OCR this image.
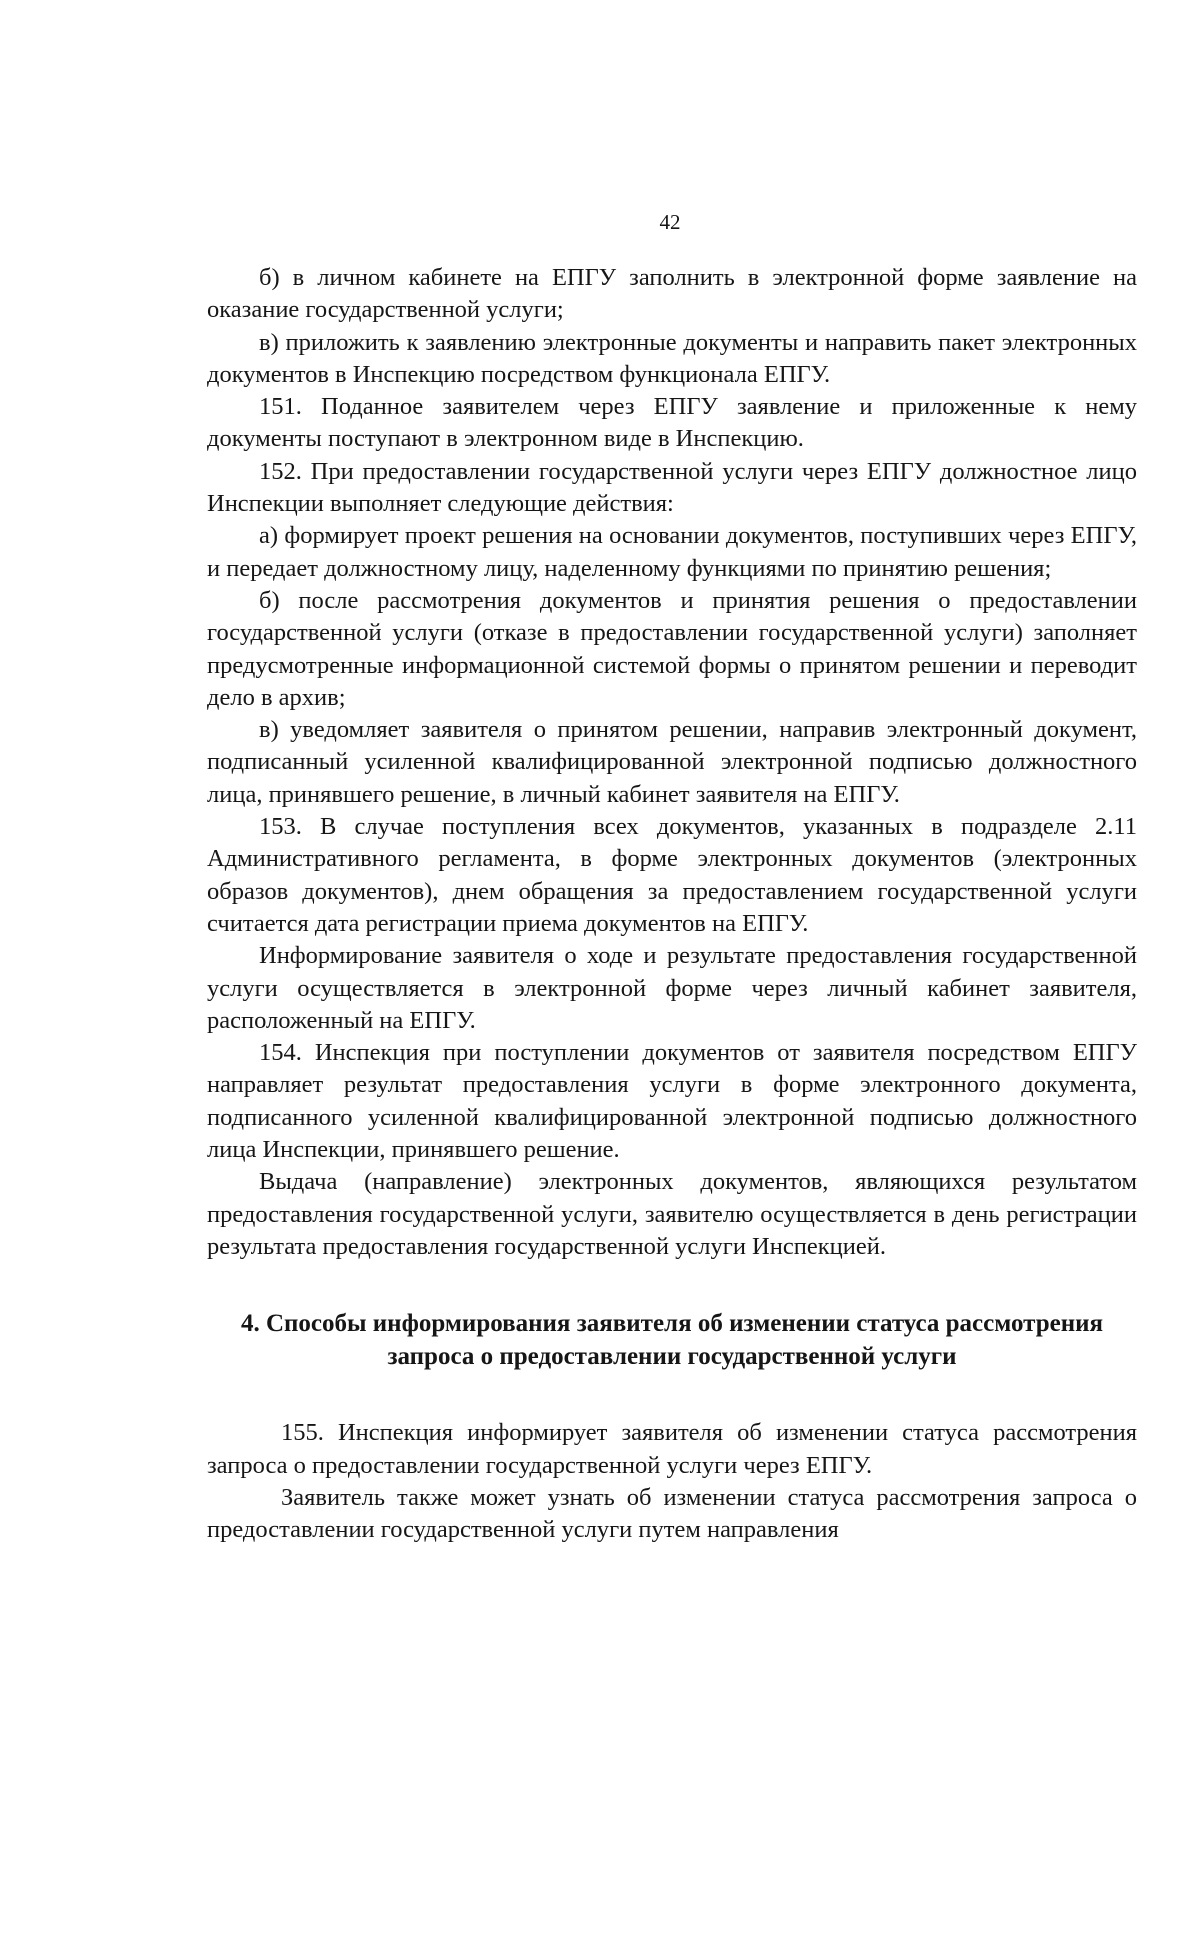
42

б) в личном кабинете на ЕПГУ заполнить в электронной форме заявление на оказание государственной услуги;

в) приложить к заявлению электронные документы и направить пакет электронных документов в Инспекцию посредством функционала ЕПГУ.

151. Поданное заявителем через ЕПГУ заявление и приложенные к нему документы поступают в электронном виде в Инспекцию.

152. При предоставлении государственной услуги через ЕПГУ должностное лицо Инспекции выполняет следующие действия:

а) формирует проект решения на основании документов, поступивших через ЕПГУ, и передает должностному лицу, наделенному функциями по принятию решения;

б) после рассмотрения документов и принятия решения о предоставлении государственной услуги (отказе в предоставлении государственной услуги) заполняет предусмотренные информационной системой формы о принятом решении и переводит дело в архив;

в) уведомляет заявителя о принятом решении, направив электронный документ, подписанный усиленной квалифицированной электронной подписью должностного лица, принявшего решение, в личный кабинет заявителя на ЕПГУ.

153. В случае поступления всех документов, указанных в подразделе 2.11 Административного регламента, в форме электронных документов (электронных образов документов), днем обращения за предоставлением государственной услуги считается дата регистрации приема документов на ЕПГУ.

Информирование заявителя о ходе и результате предоставления государственной услуги осуществляется в электронной форме через личный кабинет заявителя, расположенный на ЕПГУ.

154. Инспекция при поступлении документов от заявителя посредством ЕПГУ направляет результат предоставления услуги в форме электронного документа, подписанного усиленной квалифицированной электронной подписью должностного лица Инспекции, принявшего решение.

Выдача (направление) электронных документов, являющихся результатом предоставления государственной услуги, заявителю осуществляется в день регистрации результата предоставления государственной услуги Инспекцией.

4. Способы информирования заявителя об изменении статуса рассмотрения запроса о предоставлении государственной услуги

155. Инспекция информирует заявителя об изменении статуса рассмотрения запроса о предоставлении государственной услуги через ЕПГУ.

Заявитель также может узнать об изменении статуса рассмотрения запроса о предоставлении государственной услуги путем направления
